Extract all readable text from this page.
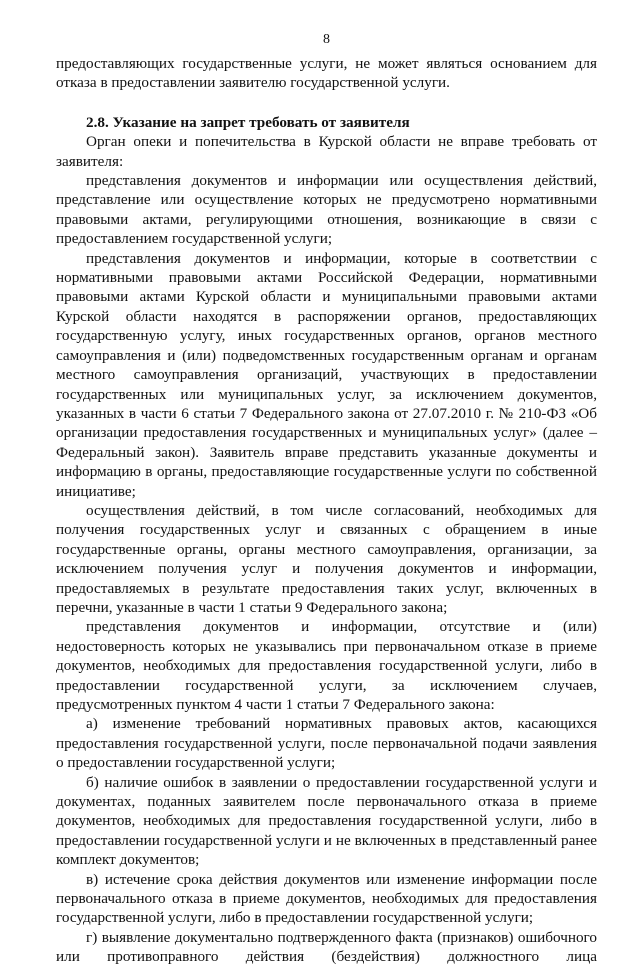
8

предоставляющих государственные услуги, не может являться основанием для отказа в предоставлении заявителю государственной услуги.

2.8. Указание на запрет требовать от заявителя

Орган опеки и попечительства в Курской области не вправе требовать от заявителя:

представления документов и информации или осуществления действий, представление или осуществление которых не предусмотрено нормативными правовыми актами, регулирующими отношения, возникающие в связи с предоставлением государственной услуги;

представления документов и информации, которые в соответствии с нормативными правовыми актами Российской Федерации, нормативными правовыми актами Курской области и муниципальными правовыми актами Курской области находятся в распоряжении органов, предоставляющих государственную услугу, иных государственных органов, органов местного самоуправления и (или) подведомственных государственным органам и органам местного самоуправления организаций, участвующих в предоставлении государственных или муниципальных услуг, за исключением документов, указанных в части 6 статьи 7 Федерального закона от 27.07.2010 г. № 210-ФЗ «Об организации предоставления государственных и муниципальных услуг» (далее – Федеральный закон). Заявитель вправе представить указанные документы и информацию в органы, предоставляющие государственные услуги по собственной инициативе;

осуществления действий, в том числе согласований, необходимых для получения государственных услуг и связанных с обращением в иные государственные органы, органы местного самоуправления, организации, за исключением получения услуг и получения документов и информации, предоставляемых в результате предоставления таких услуг, включенных в перечни, указанные в части 1 статьи 9 Федерального закона;

представления документов и информации, отсутствие и (или) недостоверность которых не указывались при первоначальном отказе в приеме документов, необходимых для предоставления государственной услуги, либо в предоставлении государственной услуги, за исключением случаев, предусмотренных пунктом 4 части 1 статьи 7 Федерального закона:

а) изменение требований нормативных правовых актов, касающихся предоставления государственной услуги, после первоначальной подачи заявления о предоставлении государственной услуги;

б) наличие ошибок в заявлении о предоставлении государственной услуги и документах, поданных заявителем после первоначального отказа в приеме документов, необходимых для предоставления государственной услуги, либо в предоставлении государственной услуги и не включенных в представленный ранее комплект документов;

в) истечение срока действия документов или изменение информации после первоначального отказа в приеме документов, необходимых для предоставления государственной услуги, либо в предоставлении государственной услуги;

г) выявление документально подтвержденного факта (признаков) ошибочного или противоправного действия (бездействия) должностного лица
